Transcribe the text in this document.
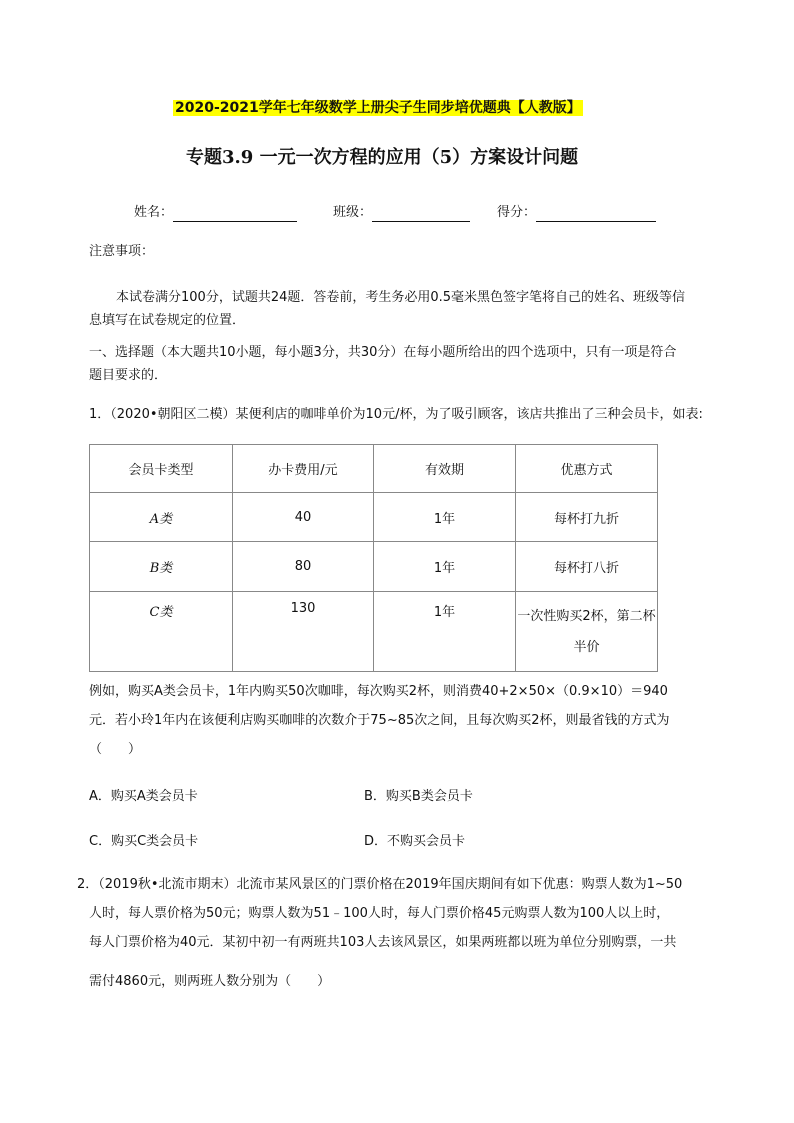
2020-2021学年七年级数学上册尖子生同步培优题典【人教版】
专题3.9 一元一次方程的应用（5）方案设计问题
姓名：	班级：	得分：
注意事项：
本试卷满分100分，试题共24题．答卷前，考生务必用0.5毫米黑色签字笔将自己的姓名、班级等信
息填写在试卷规定的位置．
一、选择题（本大题共10小题，每小题3分，共30分）在每小题所给出的四个选项中，只有一项是符合
题目要求的．
1．（2020•朝阳区二模）某便利店的咖啡单价为10元/杯，为了吸引顾客，该店共推出了三种会员卡，如表:
会员卡类型	办卡费用/元	有效期	优惠方式
A类	40	1年	每杯打九折
B类	80	1年	每杯打八折
C类	130	1年	一次性购买2杯，第二杯半价
例如，购买A类会员卡，1年内购买50次咖啡，每次购买2杯，则消费40+2×50×（0.9×10）＝940
元．若小玲1年内在该便利店购买咖啡的次数介于75~85次之间，且每次购买2杯，则最省钱的方式为
（　　）
A．购买A类会员卡	B．购买B类会员卡
C．购买C类会员卡	D．不购买会员卡
2．（2019秋•北流市期末）北流市某风景区的门票价格在2019年国庆期间有如下优惠：购票人数为1~50
人时，每人票价格为50元；购票人数为51﹣100人时，每人门票价格45元购票人数为100人以上时，
每人门票价格为40元．某初中初一有两班共103人去该风景区，如果两班都以班为单位分别购票，一共
需付4860元，则两班人数分别为（　　）
